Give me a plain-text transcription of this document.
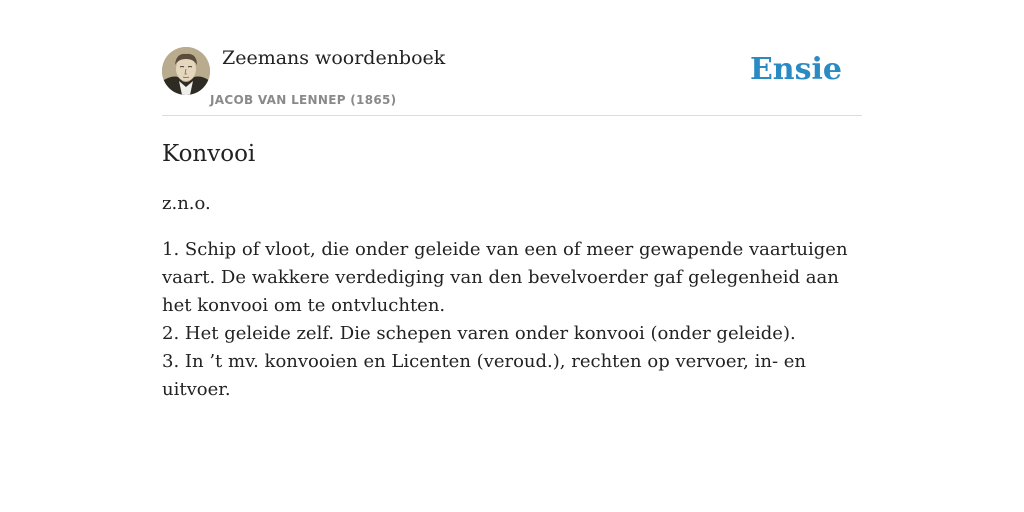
Zeemans woordenboek
JACOB VAN LENNEP (1865)
Ensie
Konvooi

z.n.o.

1. Schip of vloot, die onder geleide van een of meer gewapende vaartuigen vaart. De wakkere verdediging van den bevelvoerder gaf gelegenheid aan het konvooi om te ontvluchten.
2. Het geleide zelf. Die schepen varen onder konvooi (onder geleide).
3. In ’t mv. konvooien en Licenten (veroud.), rechten op vervoer, in- en uitvoer.
